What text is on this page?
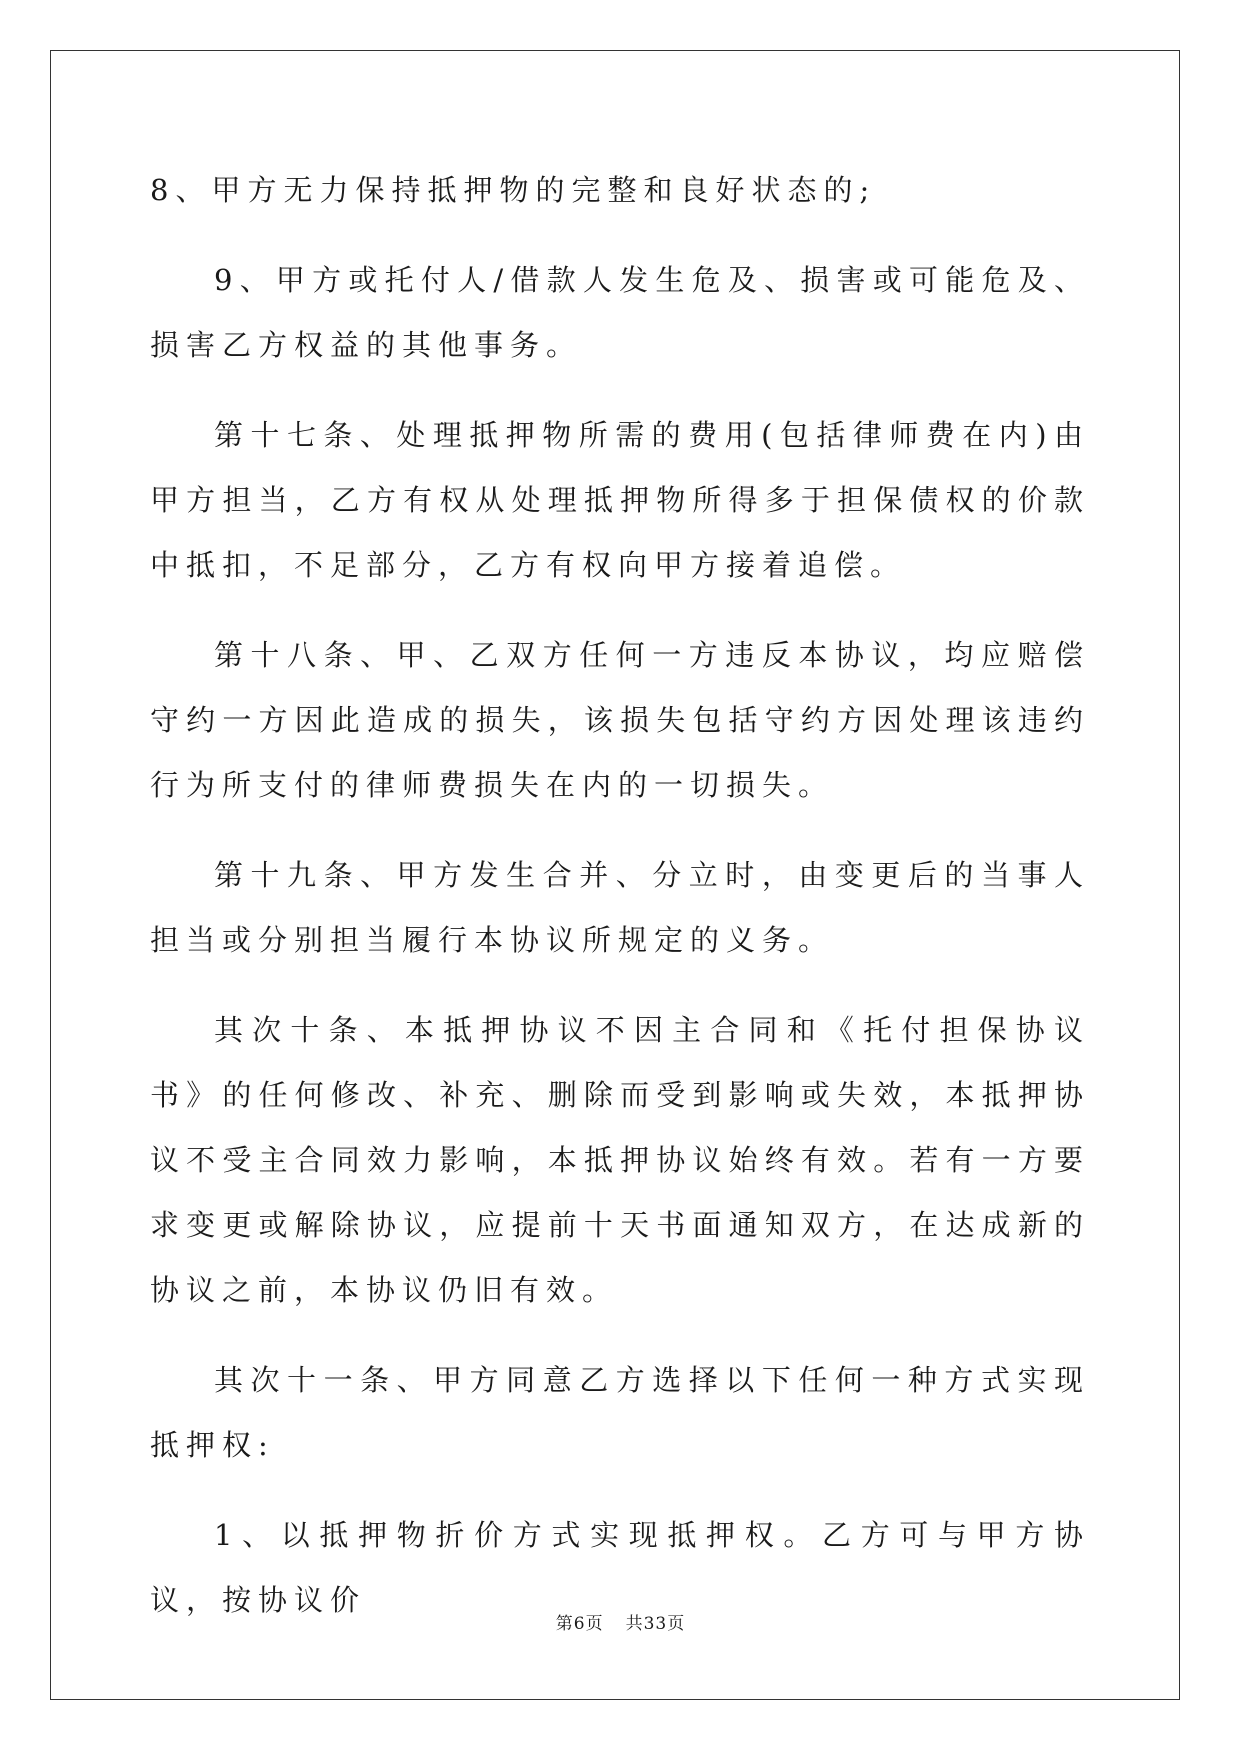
8、甲方无力保持抵押物的完整和良好状态的;

9、甲方或托付人/借款人发生危及、损害或可能危及、损害乙方权益的其他事务。

第十七条、处理抵押物所需的费用(包括律师费在内)由甲方担当，乙方有权从处理抵押物所得多于担保债权的价款中抵扣，不足部分，乙方有权向甲方接着追偿。

第十八条、甲、乙双方任何一方违反本协议，均应赔偿守约一方因此造成的损失，该损失包括守约方因处理该违约行为所支付的律师费损失在内的一切损失。

第十九条、甲方发生合并、分立时，由变更后的当事人担当或分别担当履行本协议所规定的义务。

其次十条、本抵押协议不因主合同和《托付担保协议书》的任何修改、补充、删除而受到影响或失效，本抵押协议不受主合同效力影响，本抵押协议始终有效。若有一方要求变更或解除协议，应提前十天书面通知双方，在达成新的协议之前，本协议仍旧有效。

其次十一条、甲方同意乙方选择以下任何一种方式实现抵押权:

1、以抵押物折价方式实现抵押权。乙方可与甲方协议，按协议价

第6页 共33页
